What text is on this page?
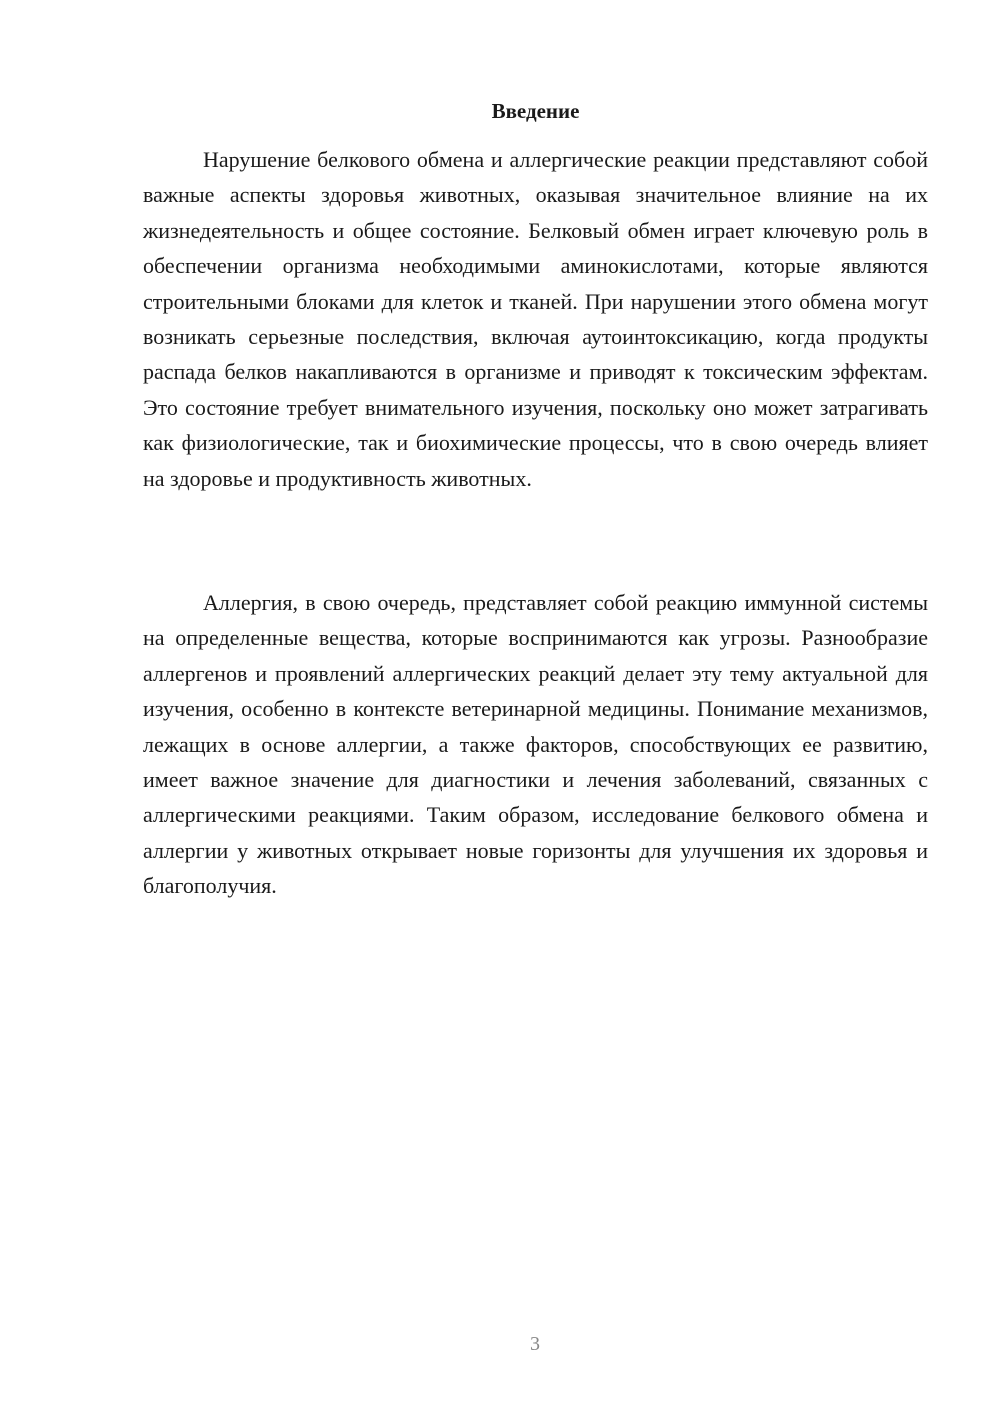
Введение

Нарушение белкового обмена и аллергические реакции представляют собой важные аспекты здоровья животных, оказывая значительное влияние на их жизнедеятельность и общее состояние. Белковый обмен играет ключевую роль в обеспечении организма необходимыми аминокислотами, которые являются строительными блоками для клеток и тканей. При нарушении этого обмена могут возникать серьезные последствия, включая аутоинтоксикацию, когда продукты распада белков накапливаются в организме и приводят к токсическим эффектам. Это состояние требует внимательного изучения, поскольку оно может затрагивать как физиологические, так и биохимические процессы, что в свою очередь влияет на здоровье и продуктивность животных.

Аллергия, в свою очередь, представляет собой реакцию иммунной системы на определенные вещества, которые воспринимаются как угрозы. Разнообразие аллергенов и проявлений аллергических реакций делает эту тему актуальной для изучения, особенно в контексте ветеринарной медицины. Понимание механизмов, лежащих в основе аллергии, а также факторов, способствующих ее развитию, имеет важное значение для диагностики и лечения заболеваний, связанных с аллергическими реакциями. Таким образом, исследование белкового обмена и аллергии у животных открывает новые горизонты для улучшения их здоровья и благополучия.

3
